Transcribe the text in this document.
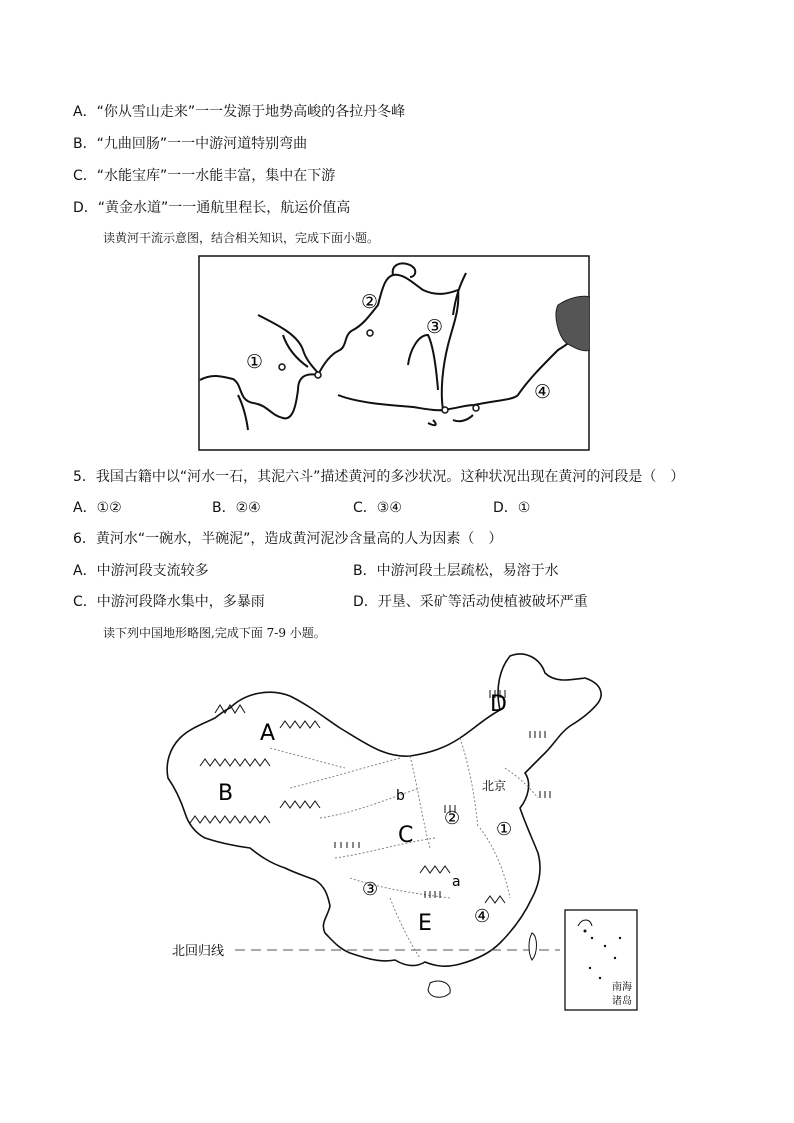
A．“你从雪山走来”一一发源于地势高峻的各拉丹冬峰
B．“九曲回肠”一一中游河道特别弯曲
C．“水能宝库”一一水能丰富，集中在下游
D．“黄金水道”一一通航里程长，航运价值高
读黄河干流示意图，结合相关知识，完成下面小题。
①
②
③
④
5．我国古籍中以“河水一石，其泥六斗”描述黄河的多沙状况。这种状况出现在黄河的河段是（　）
A．①②	B．②④	C．③④	D．①
6．黄河水“一碗水，半碗泥”，造成黄河泥沙含量高的人为因素（　）
A．中游河段支流较多	B．中游河段土层疏松，易溶于水
C．中游河段降水集中，多暴雨	D．开垦、采矿等活动使植被破坏严重
读下列中国地形略图,完成下面 7-9 小题。
A
B
C
D
E
a
b
①
②
③
④
北京
北回归线
南海
诸岛
